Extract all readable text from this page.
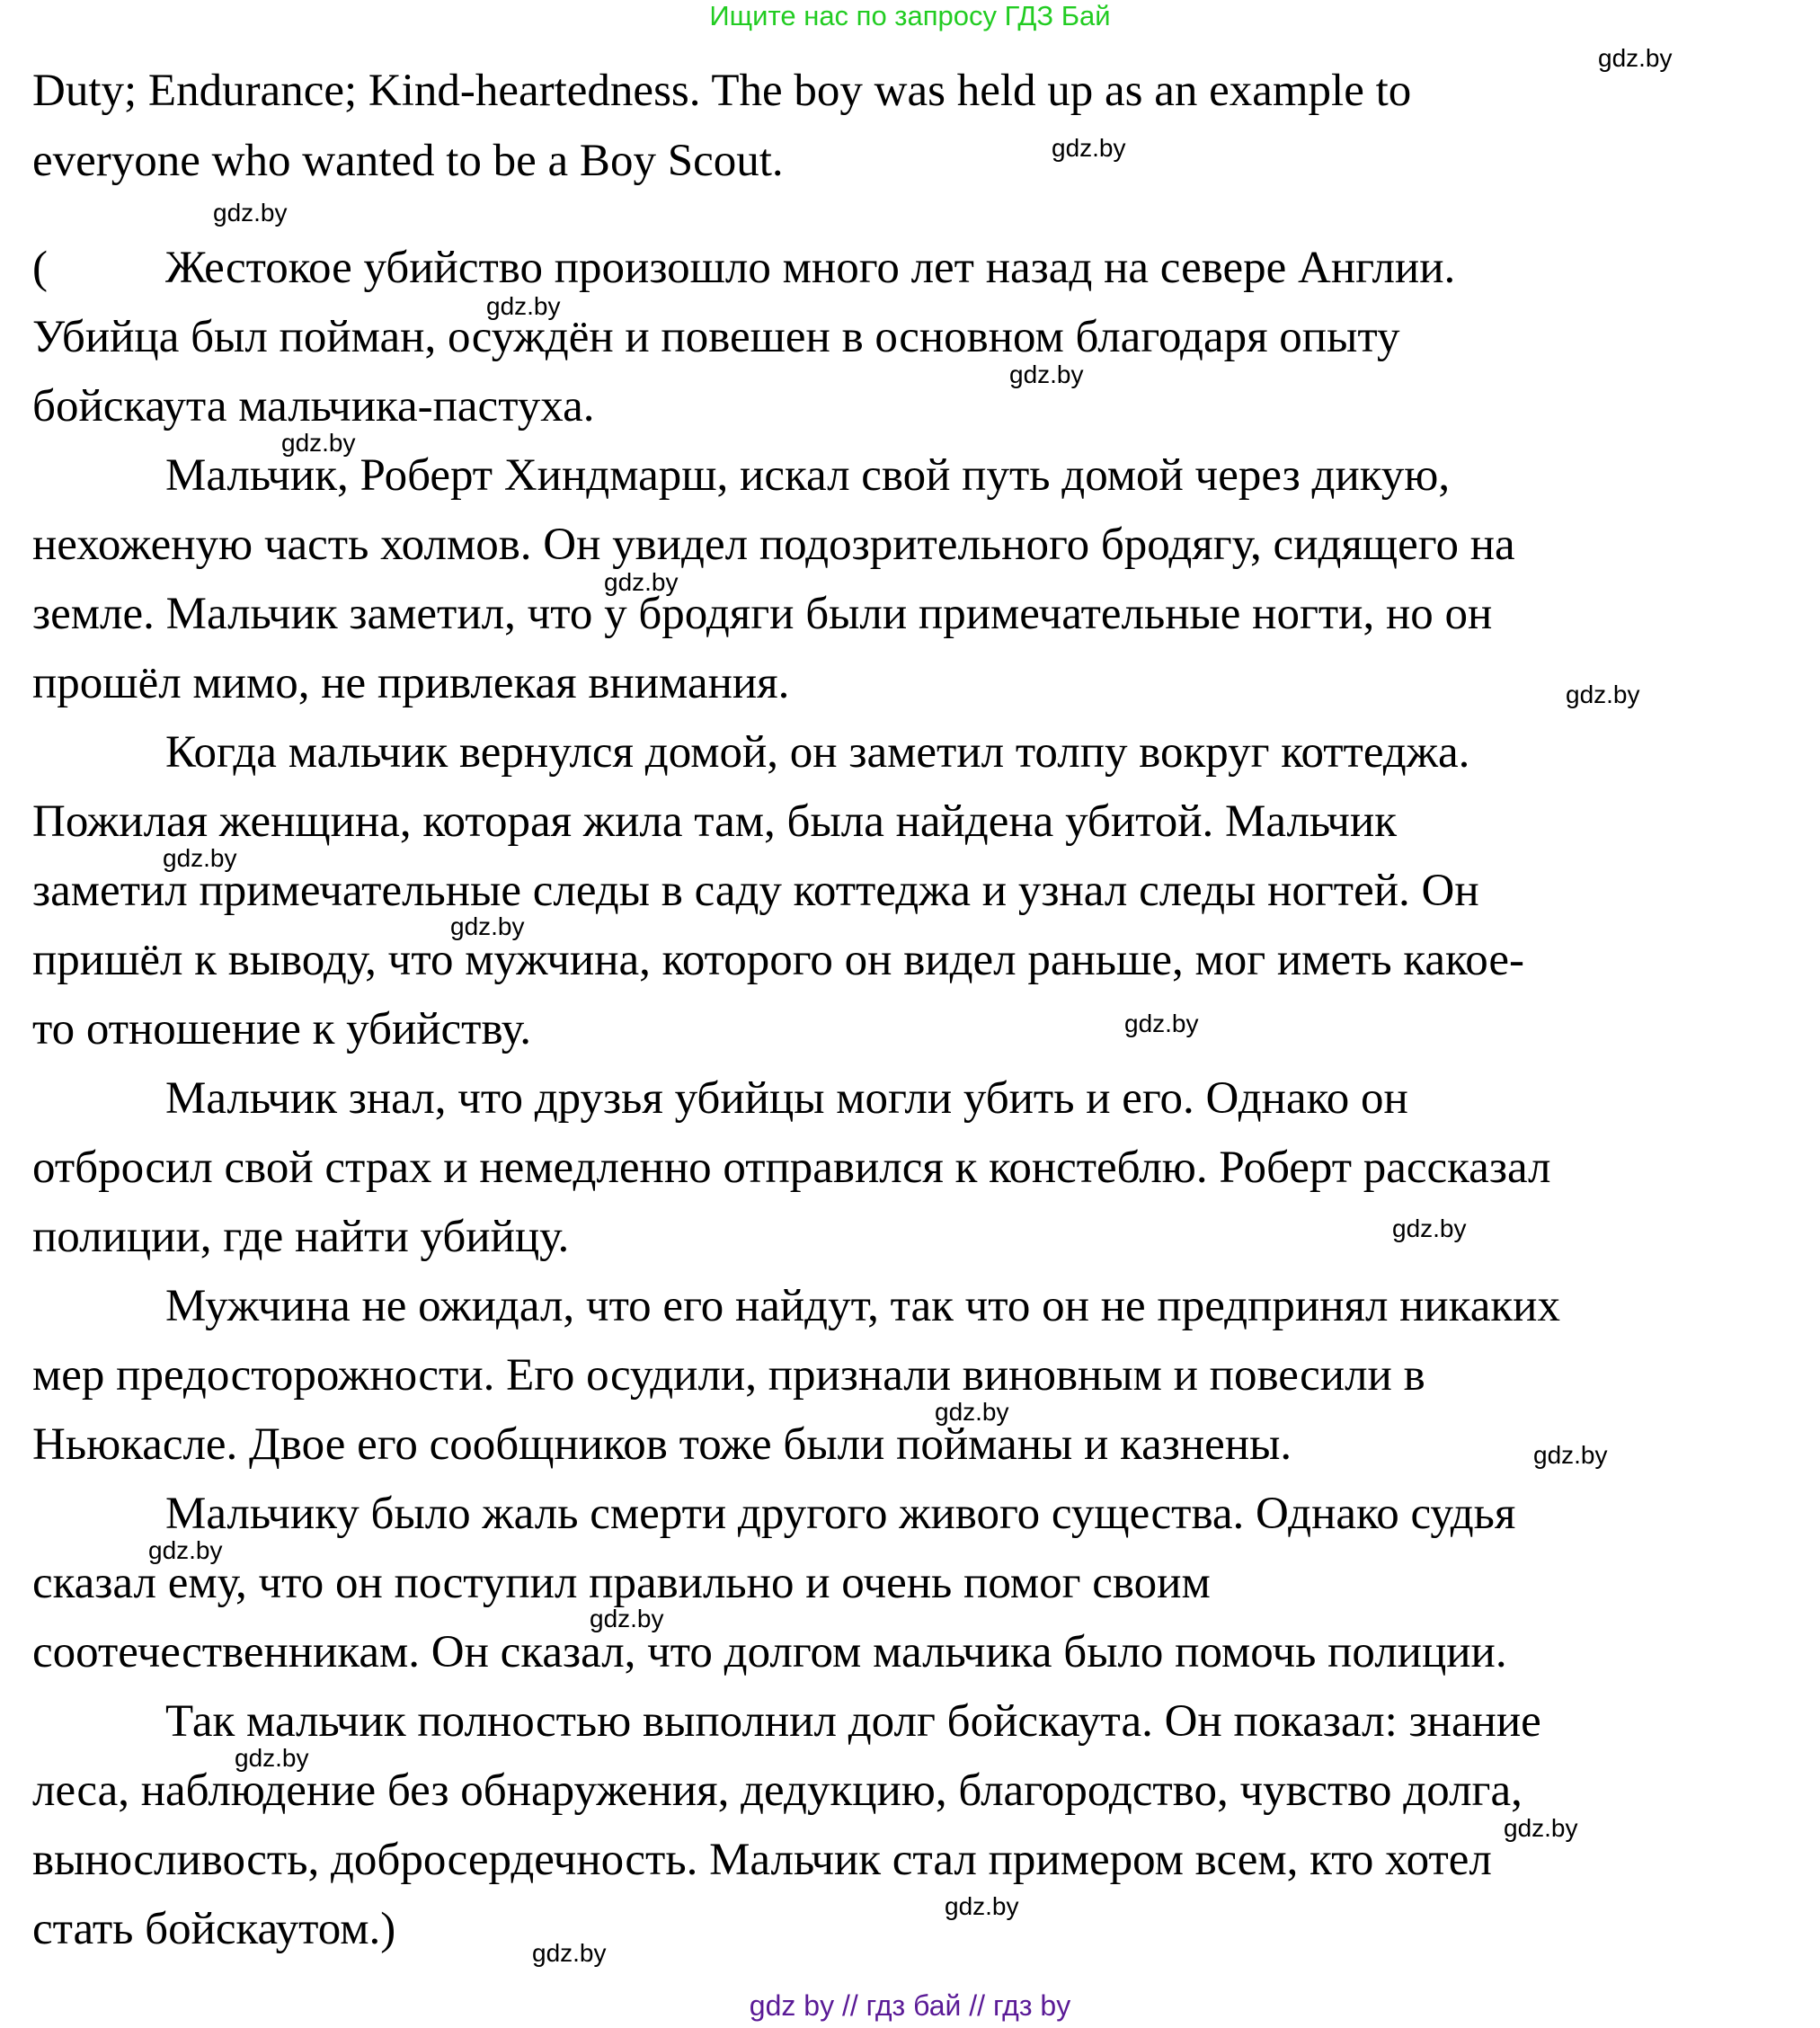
Ищите нас по запросу ГДЗ Бай
(
Duty; Endurance; Kind-heartedness. The boy was held up as an example to
everyone who wanted to be a Boy Scout.
Жестокое убийство произошло много лет назад на севере Англии.
Убийца был пойман, осуждён и повешен в основном благодаря опыту
бойскаута мальчика-пастуха.
Мальчик, Роберт Хиндмарш, искал свой путь домой через дикую,
нехоженую часть холмов. Он увидел подозрительного бродягу, сидящего на
земле. Мальчик заметил, что у бродяги были примечательные ногти, но он
прошёл мимо, не привлекая внимания.
Когда мальчик вернулся домой, он заметил толпу вокруг коттеджа.
Пожилая женщина, которая жила там, была найдена убитой. Мальчик
заметил примечательные следы в саду коттеджа и узнал следы ногтей. Он
пришёл к выводу, что мужчина, которого он видел раньше, мог иметь какое-
то отношение к убийству.
Мальчик знал, что друзья убийцы могли убить и его. Однако он
отбросил свой страх и немедленно отправился к констеблю. Роберт рассказал
полиции, где найти убийцу.
Мужчина не ожидал, что его найдут, так что он не предпринял никаких
мер предосторожности. Его осудили, признали виновным и повесили в
Ньюкасле. Двое его сообщников тоже были пойманы и казнены.
Мальчику было жаль смерти другого живого существа. Однако судья
сказал ему, что он поступил правильно и очень помог своим
соотечественникам. Он сказал, что долгом мальчика было помочь полиции.
Так мальчик полностью выполнил долг бойскаута. Он показал: знание
леса, наблюдение без обнаружения, дедукцию, благородство, чувство долга,
выносливость, добросердечность. Мальчик стал примером всем, кто хотел
стать бойскаутом.)
gdz.by
gdz.by
gdz.by
gdz.by
gdz.by
gdz.by
gdz.by
gdz.by
gdz.by
gdz.by
gdz.by
gdz.by
gdz.by
gdz.by
gdz.by
gdz.by
gdz.by
gdz.by
gdz.by
gdz.by
gdz by // гдз бай // гдз by
